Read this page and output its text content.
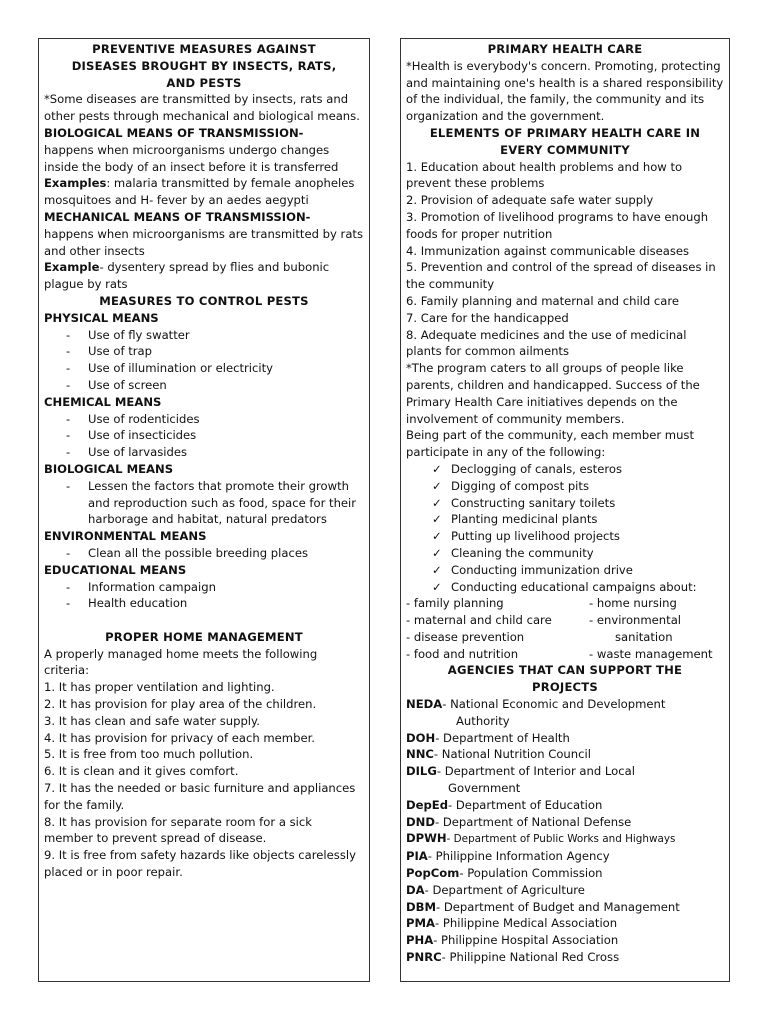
PREVENTIVE MEASURES AGAINST

DISEASES BROUGHT BY INSECTS, RATS,

AND PESTS

*Some diseases are transmitted by insects, rats and other pests through mechanical and biological means.

BIOLOGICAL MEANS OF TRANSMISSION-

happens when microorganisms undergo changes inside the body of an insect before it is transferred

Examples: malaria transmitted by female anopheles mosquitoes and H- fever by an aedes aegypti

MECHANICAL MEANS OF TRANSMISSION-

happens when microorganisms are transmitted by rats and other insects

Example- dysentery spread by flies and bubonic plague by rats

MEASURES TO CONTROL PESTS

PHYSICAL MEANS

- Use of fly swatter

- Use of trap

- Use of illumination or electricity

- Use of screen

CHEMICAL MEANS

- Use of rodenticides

- Use of insecticides

- Use of larvasides

BIOLOGICAL MEANS

- Lessen the factors that promote their growth and reproduction such as food, space for their harborage and habitat, natural predators

ENVIRONMENTAL MEANS

- Clean all the possible breeding places

EDUCATIONAL MEANS

- Information campaign

- Health education

PROPER HOME MANAGEMENT

A properly managed home meets the following criteria:

1. It has proper ventilation and lighting.

2. It has provision for play area of the children.

3. It has clean and safe water supply.

4. It has provision for privacy of each member.

5. It is free from too much pollution.

6. It is clean and it gives comfort.

7. It has the needed or basic furniture and appliances for the family.

8. It has provision for separate room for a sick member to prevent spread of disease.

9. It is free from safety hazards like objects carelessly placed or in poor repair.

PRIMARY HEALTH CARE

*Health is everybody's concern. Promoting, protecting and maintaining one's health is a shared responsibility of the individual, the family, the community and its organization and the government.

ELEMENTS OF PRIMARY HEALTH CARE IN

EVERY COMMUNITY

1. Education about health problems and how to prevent these problems

2. Provision of adequate safe water supply

3. Promotion of livelihood programs to have enough foods for proper nutrition

4. Immunization against communicable diseases

5. Prevention and control of the spread of diseases in the community

6. Family planning and maternal and child care

7. Care for the handicapped

8. Adequate medicines and the use of medicinal plants for common ailments

*The program caters to all groups of people like parents, children and handicapped. Success of the Primary Health Care initiatives depends on the involvement of community members.

Being part of the community, each member must participate in any of the following:

✓ Declogging of canals, esteros

✓ Digging of compost pits

✓ Constructing sanitary toilets

✓ Planting medicinal plants

✓ Putting up livelihood projects

✓ Cleaning the community

✓ Conducting immunization drive

✓ Conducting educational campaigns about:

- family planning	- home nursing
- maternal and child care	- environmental
- disease prevention	sanitation
- food and nutrition	- waste management

AGENCIES THAT CAN SUPPORT THE

PROJECTS

NEDA- National Economic and Development

Authority

DOH- Department of Health

NNC- National Nutrition Council

DILG- Department of Interior and Local

Government

DepEd- Department of Education

DND- Department of National Defense

DPWH- Department of Public Works and Highways

PIA- Philippine Information Agency

PopCom- Population Commission

DA- Department of Agriculture

DBM- Department of Budget and Management

PMA- Philippine Medical Association

PHA- Philippine Hospital Association

PNRC- Philippine National Red Cross
